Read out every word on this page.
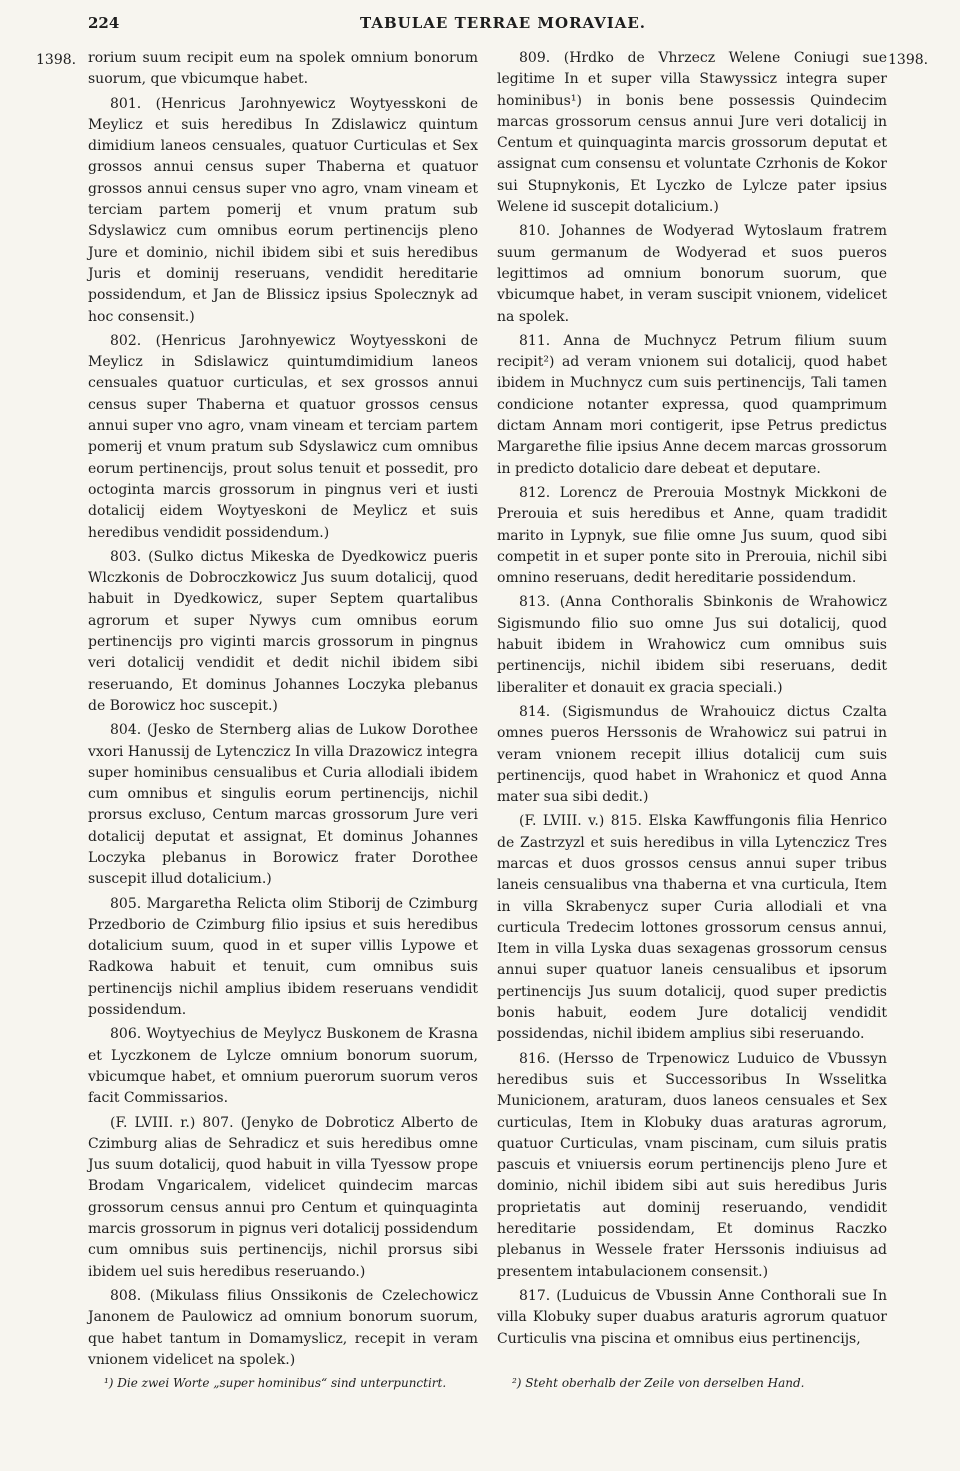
224	TABULAE TERRAE MORAVIAE.
1398.	1398.

rorium suum recipit eum na spolek omnium bonorum suorum, que vbicumque habet.

801. (Henricus Jarohnyewicz Woytyesskoni de Meylicz et suis heredibus In Zdislawicz quintum dimidium laneos censuales, quatuor Curticulas et Sex grossos annui census super Thaberna et quatuor grossos annui census super vno agro, vnam vineam et terciam partem pomerij et vnum pratum sub Sdyslawicz cum omnibus eorum pertinencijs pleno Jure et dominio, nichil ibidem sibi et suis heredibus Juris et dominij reseruans, vendidit hereditarie possidendum, et Jan de Blissicz ipsius Spolecznyk ad hoc consensit.)

802. (Henricus Jarohnyewicz Woytyesskoni de Meylicz in Sdislawicz quintumdimidium laneos censuales quatuor curticulas, et sex grossos annui census super Thaberna et quatuor grossos census annui super vno agro, vnam vineam et terciam partem pomerij et vnum pratum sub Sdyslawicz cum omnibus eorum pertinencijs, prout solus tenuit et possedit, pro octoginta marcis grossorum in pingnus veri et iusti dotalicij eidem Woytyeskoni de Meylicz et suis heredibus vendidit possidendum.)

803. (Sulko dictus Mikeska de Dyedkowicz pueris Wlczkonis de Dobroczkowicz Jus suum dotalicij, quod habuit in Dyedkowicz, super Septem quartalibus agrorum et super Nywys cum omnibus eorum pertinencijs pro viginti marcis grossorum in pingnus veri dotalicij vendidit et dedit nichil ibidem sibi reseruando, Et dominus Johannes Loczyka plebanus de Borowicz hoc suscepit.)

804. (Jesko de Sternberg alias de Lukow Dorothee vxori Hanussij de Lytenczicz In villa Drazowicz integra super hominibus censualibus et Curia allodiali ibidem cum omnibus et singulis eorum pertinencijs, nichil prorsus excluso, Centum marcas grossorum Jure veri dotalicij deputat et assignat, Et dominus Johannes Loczyka plebanus in Borowicz frater Dorothee suscepit illud dotalicium.)

805. Margaretha Relicta olim Stiborij de Czimburg Przedborio de Czimburg filio ipsius et suis heredibus dotalicium suum, quod in et super villis Lypowe et Radkowa habuit et tenuit, cum omnibus suis pertinencijs nichil amplius ibidem reseruans vendidit possidendum.

806. Woytyechius de Meylycz Buskonem de Krasna et Lyczkonem de Lylcze omnium bonorum suorum, vbicumque habet, et omnium puerorum suorum veros facit Commissarios.

(F. LVIII. r.) 807. (Jenyko de Dobroticz Alberto de Czimburg alias de Sehradicz et suis heredibus omne Jus suum dotalicij, quod habuit in villa Tyessow prope Brodam Vngaricalem, videlicet quindecim marcas grossorum census annui pro Centum et quinquaginta marcis grossorum in pignus veri dotalicij possidendum cum omnibus suis pertinencijs, nichil prorsus sibi ibidem uel suis heredibus reseruando.)

808. (Mikulass filius Onssikonis de Czelechowicz Janonem de Paulowicz ad omnium bonorum suorum, que habet tantum in Domamyslicz, recepit in veram vnionem videlicet na spolek.)

809. (Hrdko de Vhrzecz Welene Coniugi sue legitime In et super villa Stawyssicz integra super hominibus¹) in bonis bene possessis Quindecim marcas grossorum census annui Jure veri dotalicij in Centum et quinquaginta marcis grossorum deputat et assignat cum consensu et voluntate Czrhonis de Kokor sui Stupnykonis, Et Lyczko de Lylcze pater ipsius Welene id suscepit dotalicium.)

810. Johannes de Wodyerad Wytoslaum fratrem suum germanum de Wodyerad et suos pueros legittimos ad omnium bonorum suorum, que vbicumque habet, in veram suscipit vnionem, videlicet na spolek.

811. Anna de Muchnycz Petrum filium suum recipit²) ad veram vnionem sui dotalicij, quod habet ibidem in Muchnycz cum suis pertinencijs, Tali tamen condicione notanter expressa, quod quamprimum dictam Annam mori contigerit, ipse Petrus predictus Margarethe filie ipsius Anne decem marcas grossorum in predicto dotalicio dare debeat et deputare.

812. Lorencz de Prerouia Mostnyk Mickkoni de Prerouia et suis heredibus et Anne, quam tradidit marito in Lypnyk, sue filie omne Jus suum, quod sibi competit in et super ponte sito in Prerouia, nichil sibi omnino reseruans, dedit hereditarie possidendum.

813. (Anna Conthoralis Sbinkonis de Wrahowicz Sigismundo filio suo omne Jus sui dotalicij, quod habuit ibidem in Wrahowicz cum omnibus suis pertinencijs, nichil ibidem sibi reseruans, dedit liberaliter et donauit ex gracia speciali.)

814. (Sigismundus de Wrahouicz dictus Czalta omnes pueros Herssonis de Wrahowicz sui patrui in veram vnionem recepit illius dotalicij cum suis pertinencijs, quod habet in Wrahonicz et quod Anna mater sua sibi dedit.)

(F. LVIII. v.) 815. Elska Kawffungonis filia Henrico de Zastrzyzl et suis heredibus in villa Lytenczicz Tres marcas et duos grossos census annui super tribus laneis censualibus vna thaberna et vna curticula, Item in villa Skrabenycz super Curia allodiali et vna curticula Tredecim lottones grossorum census annui, Item in villa Lyska duas sexagenas grossorum census annui super quatuor laneis censualibus et ipsorum pertinencijs Jus suum dotalicij, quod super predictis bonis habuit, eodem Jure dotalicij vendidit possidendas, nichil ibidem amplius sibi reseruando.

816. (Hersso de Trpenowicz Luduico de Vbussyn heredibus suis et Successoribus In Wsselitka Municionem, araturam, duos laneos censuales et Sex curticulas, Item in Klobuky duas araturas agrorum, quatuor Curticulas, vnam piscinam, cum siluis pratis pascuis et vniuersis eorum pertinencijs pleno Jure et dominio, nichil ibidem sibi aut suis heredibus Juris proprietatis aut dominij reseruando, vendidit hereditarie possidendam, Et dominus Raczko plebanus in Wessele frater Herssonis indiuisus ad presentem intabulacionem consensit.)

817. (Luduicus de Vbussin Anne Conthorali sue In villa Klobuky super duabus araturis agrorum quatuor Curticulis vna piscina et omnibus eius pertinencijs,

¹) Die zwei Worte „super hominibus“ sind unterpunctirt.	²) Steht oberhalb der Zeile von derselben Hand.
